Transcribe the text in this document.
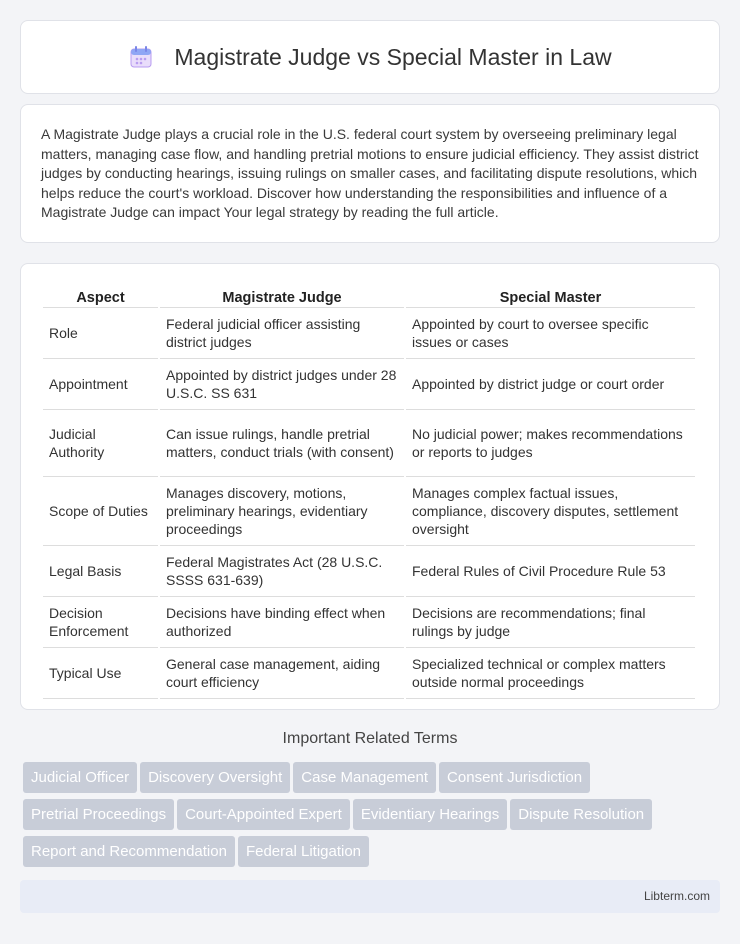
Magistrate Judge vs Special Master in Law

A Magistrate Judge plays a crucial role in the U.S. federal court system by overseeing preliminary legal matters, managing case flow, and handling pretrial motions to ensure judicial efficiency. They assist district judges by conducting hearings, issuing rulings on smaller cases, and facilitating dispute resolutions, which helps reduce the court's workload. Discover how understanding the responsibilities and influence of a Magistrate Judge can impact Your legal strategy by reading the full article.

Aspect	Magistrate Judge	Special Master
Role	Federal judicial officer assisting district judges	Appointed by court to oversee specific issues or cases
Appointment	Appointed by district judges under 28 U.S.C. SS 631	Appointed by district judge or court order
Judicial Authority	Can issue rulings, handle pretrial matters, conduct trials (with consent)	No judicial power; makes recommendations or reports to judges
Scope of Duties	Manages discovery, motions, preliminary hearings, evidentiary proceedings	Manages complex factual issues, compliance, discovery disputes, settlement oversight
Legal Basis	Federal Magistrates Act (28 U.S.C. SSSS 631-639)	Federal Rules of Civil Procedure Rule 53
Decision Enforcement	Decisions have binding effect when authorized	Decisions are recommendations; final rulings by judge
Typical Use	General case management, aiding court efficiency	Specialized technical or complex matters outside normal proceedings
Important Related Terms
Judicial Officer Discovery Oversight Case Management Consent JurisdictionPretrial Proceedings Court-Appointed Expert Evidentiary Hearings Dispute ResolutionReport and Recommendation Federal Litigation
Libterm.com
